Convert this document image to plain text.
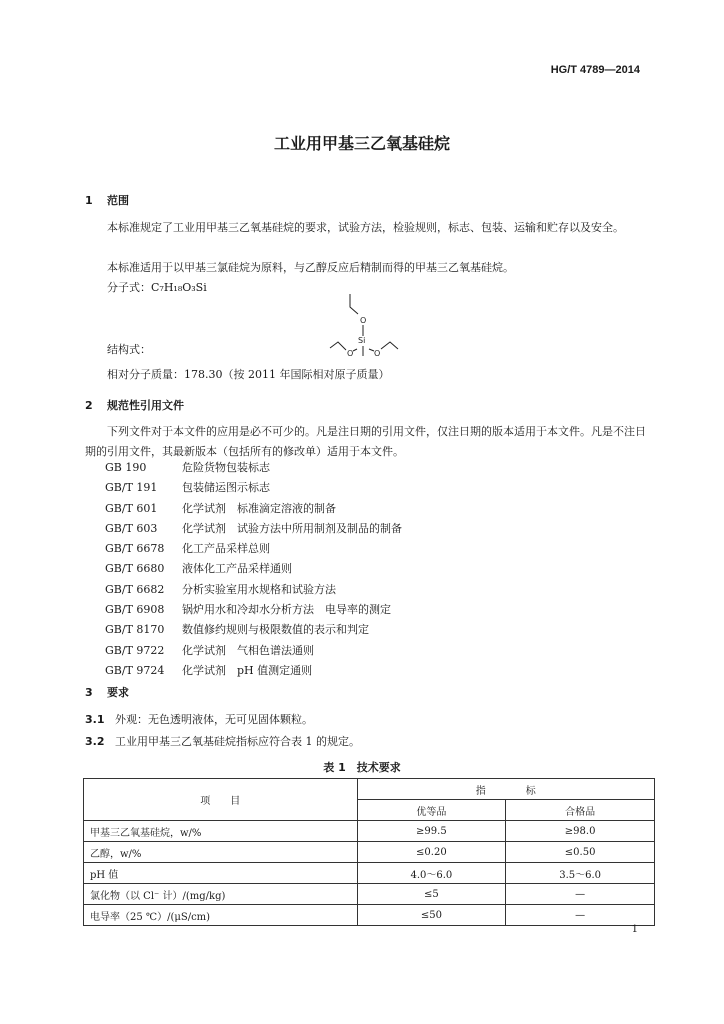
HG/T 4789—2014
工业用甲基三乙氧基硅烷
1 范围
本标准规定了工业用甲基三乙氧基硅烷的要求，试验方法，检验规则，标志、包装、运输和贮存以及安全。
本标准适用于以甲基三氯硅烷为原料，与乙醇反应后精制而得的甲基三乙氧基硅烷。
分子式：C₇H₁₈O₃Si
O
Si
O	O
结构式：
相对分子质量：178.30（按 2011 年国际相对原子质量）
2 规范性引用文件
下列文件对于本文件的应用是必不可少的。凡是注日期的引用文件，仅注日期的版本适用于本文件。凡是不注日期的引用文件，其最新版本（包括所有的修改单）适用于本文件。
GB 190	危险货物包装标志
GB/T 191 包装储运图示标志
GB/T 601 化学试剂　标准滴定溶液的制备
GB/T 603 化学试剂　试验方法中所用制剂及制品的制备
GB/T 6678 化工产品采样总则
GB/T 6680 液体化工产品采样通则
GB/T 6682 分析实验室用水规格和试验方法
GB/T 6908 锅炉用水和冷却水分析方法　电导率的测定
GB/T 8170 数值修约规则与极限数值的表示和判定
GB/T 9722 化学试剂　气相色谱法通则
GB/T 9724 化学试剂　pH 值测定通则
3 要求
3.1 外观：无色透明液体，无可见固体颗粒。
3.2 工业用甲基三乙氧基硅烷指标应符合表 1 的规定。
表 1　技术要求
项　　目	指　　　　标	
	优等品	合格品
甲基三乙氧基硅烷，w/%	≥99.5	≥98.0
乙醇，w/%	≤0.20	≤0.50
pH 值	4.0～6.0	3.5～6.0
氯化物（以 Cl⁻ 计）/(mg/kg)	≤5	—
电导率（25 ℃）/(μS/cm)	≤50	—
1
